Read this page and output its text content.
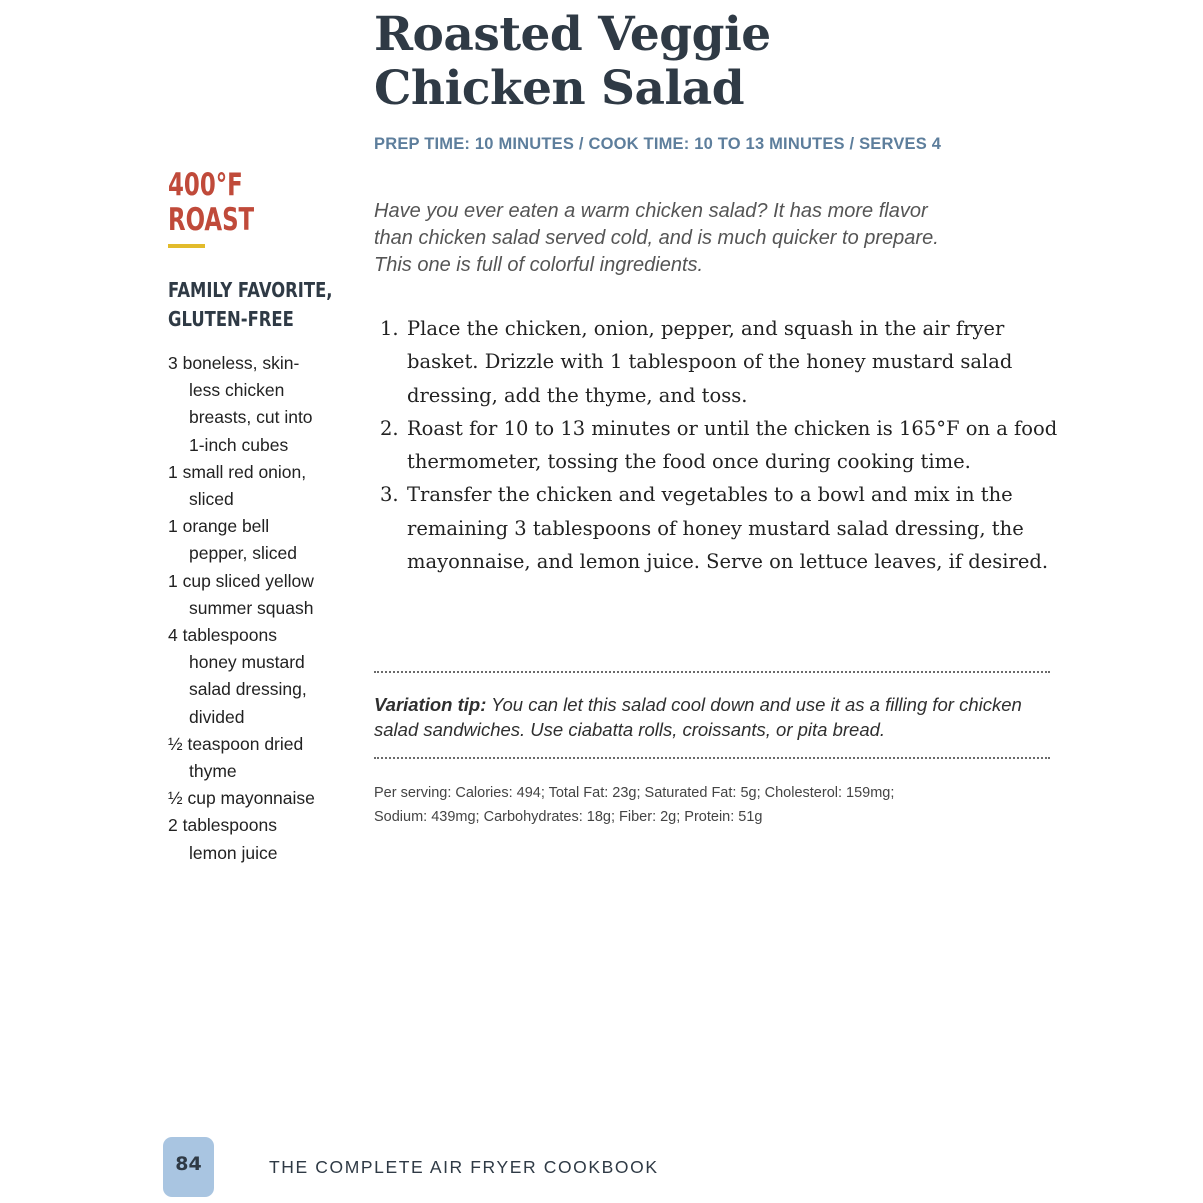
Roasted Veggie
Chicken Salad
PREP TIME: 10 MINUTES / COOK TIME: 10 TO 13 MINUTES / SERVES 4
400°F
ROAST
FAMILY FAVORITE,
GLUTEN-FREE
3 boneless, skin-less chicken breasts, cut into 1-inch cubes
1 small red onion, sliced
1 orange bell pepper, sliced
1 cup sliced yellow summer squash
4 tablespoons honey mustard salad dressing, divided
½ teaspoon dried thyme
½ cup mayonnaise
2 tablespoons lemon juice

Have you ever eaten a warm chicken salad? It has more flavor
than chicken salad served cold, and is much quicker to prepare.
This one is full of colorful ingredients.

1. Place the chicken, onion, pepper, and squash in the air fryer basket. Drizzle with 1 tablespoon of the honey mustard salad dressing, add the thyme, and toss.
2. Roast for 10 to 13 minutes or until the chicken is 165°F on a food thermometer, tossing the food once during cooking time.
3. Transfer the chicken and vegetables to a bowl and mix in the remaining 3 tablespoons of honey mustard salad dressing, the mayonnaise, and lemon juice. Serve on lettuce leaves, if desired.

Variation tip: You can let this salad cool down and use it as a filling for chicken salad sandwiches. Use ciabatta rolls, croissants, or pita bread.

Per serving: Calories: 494; Total Fat: 23g; Saturated Fat: 5g; Cholesterol: 159mg;
Sodium: 439mg; Carbohydrates: 18g; Fiber: 2g; Protein: 51g

84	THE COMPLETE AIR FRYER COOKBOOK
